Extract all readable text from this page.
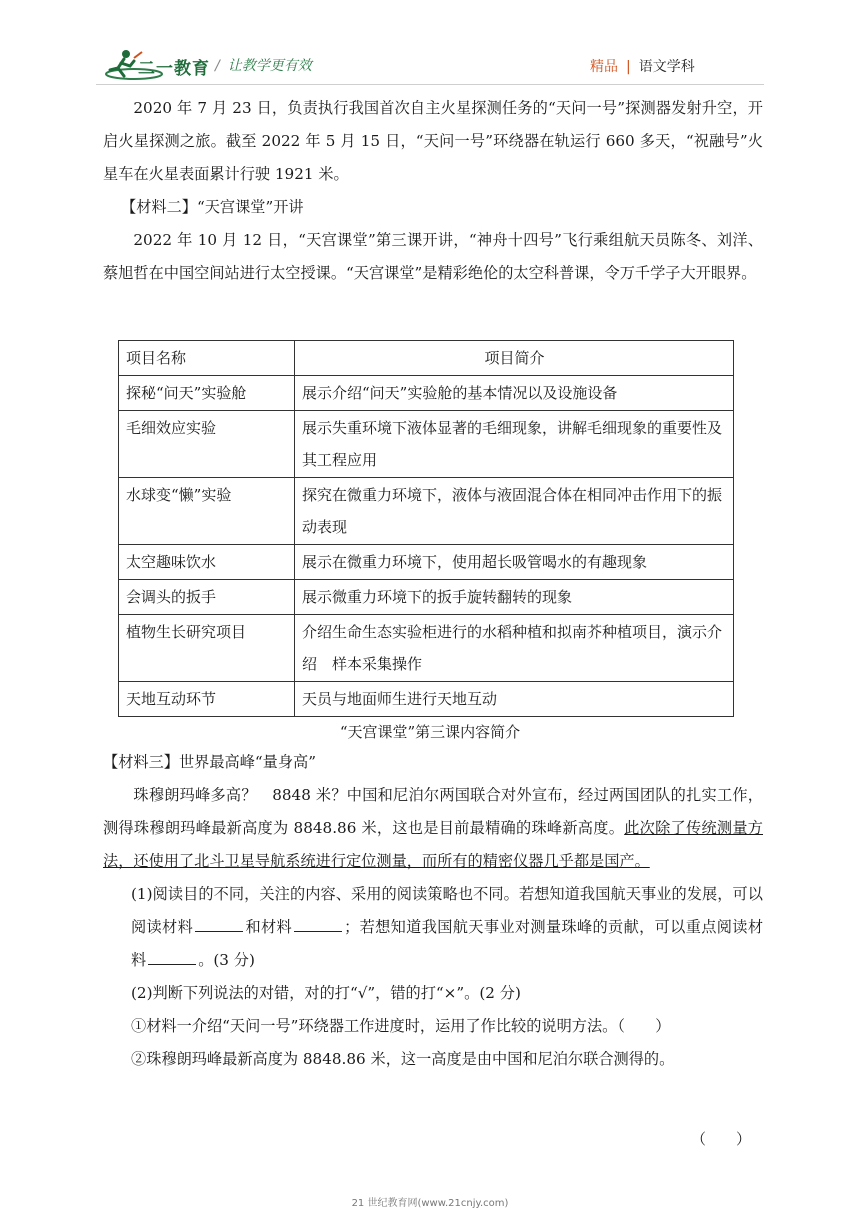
二一教育 / 让教学更有效	精品 | 语文学科

2020 年 7 月 23 日，负责执行我国首次自主火星探测任务的“天问一号”探测器发射升空，开启火星探测之旅。截至 2022 年 5 月 15 日，“天问一号”环绕器在轨运行 660 多天，“祝融号”火星车在火星表面累计行驶 1921 米。

【材料二】“天宫课堂”开讲

2022 年 10 月 12 日，“天宫课堂”第三课开讲，“神舟十四号”飞行乘组航天员陈冬、刘洋、蔡旭哲在中国空间站进行太空授课。“天宫课堂”是精彩绝伦的太空科普课，令万千学子大开眼界。

项目名称	项目简介
探秘“问天”实验舱	展示介绍“问天”实验舱的基本情况以及设施设备
毛细效应实验	展示失重环境下液体显著的毛细现象，讲解毛细现象的重要性及其工程应用
水球变“懒”实验	探究在微重力环境下，液体与液固混合体在相同冲击作用下的振动表现
太空趣味饮水	展示在微重力环境下，使用超长吸管喝水的有趣现象
会调头的扳手	展示微重力环境下的扳手旋转翻转的现象
植物生长研究项目	介绍生命生态实验柜进行的水稻种植和拟南芥种植项目，演示介绍　样本采集操作
天地互动环节	天员与地面师生进行天地互动
“天宫课堂”第三课内容简介

【材料三】世界最高峰“量身高”

珠穆朗玛峰多高？　8848 米？中国和尼泊尔两国联合对外宣布，经过两国团队的扎实工作，测得珠穆朗玛峰最新高度为 8848.86 米，这也是目前最精确的珠峰新高度。此次除了传统测量方法，还使用了北斗卫星导航系统进行定位测量，而所有的精密仪器几乎都是国产。

(1)阅读目的不同，关注的内容、采用的阅读策略也不同。若想知道我国航天事业的发展，可以阅读材料	和材料	；若想知道我国航天事业对测量珠峰的贡献，可以重点阅读材料	。(3 分)

(2)判断下列说法的对错，对的打“√”，错的打“×”。(2 分)

①材料一介绍“天问一号”环绕器工作进度时，运用了作比较的说明方法。（　　）

②珠穆朗玛峰最新高度为 8848.86 米，这一高度是由中国和尼泊尔联合测得的。

（　　）
21 世纪教育网(www.21cnjy.com)
